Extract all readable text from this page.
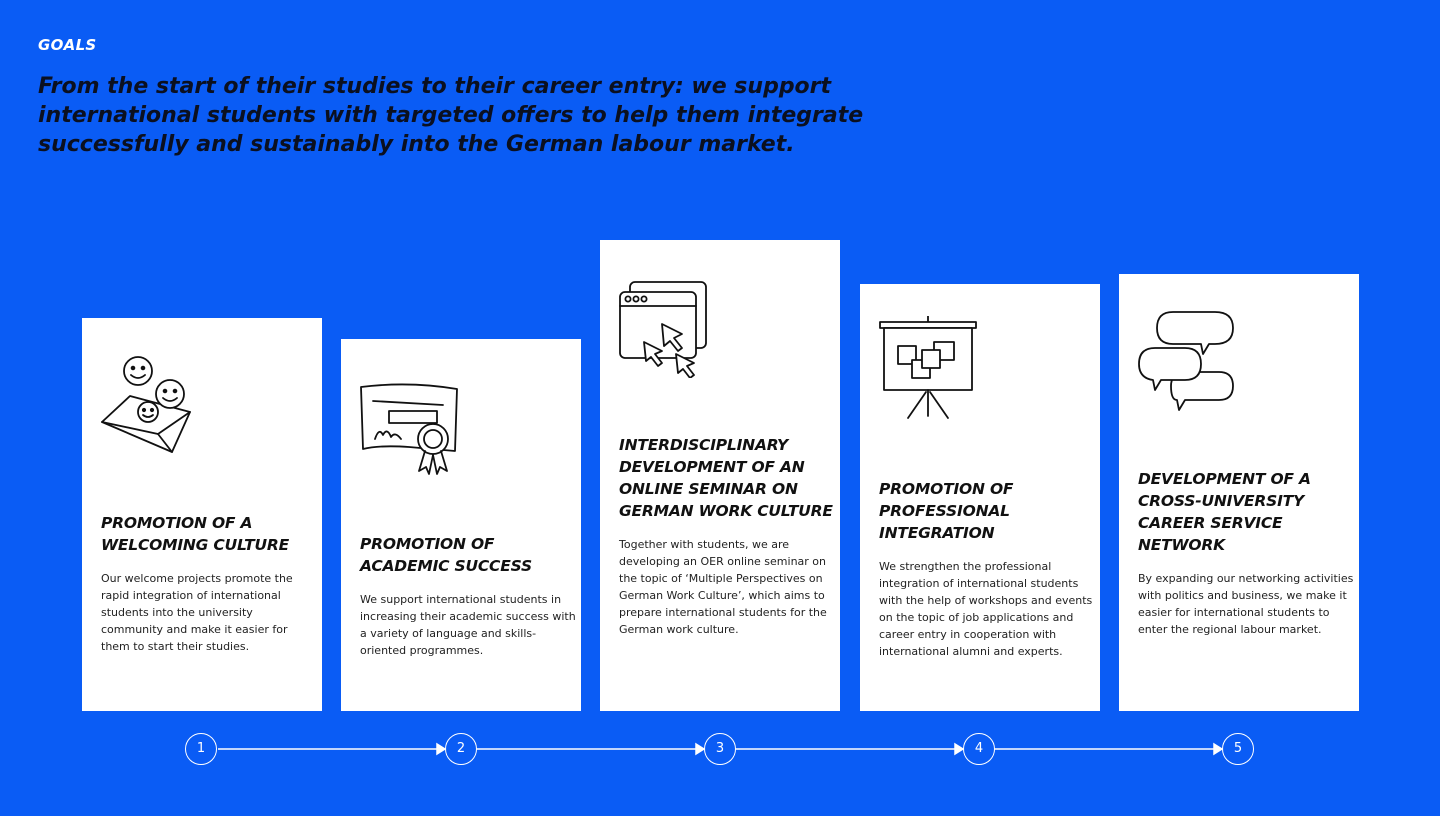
GOALS
From the start of their studies to their career entry: we support international students with targeted offers to help them integrate successfully and sustainably into the German labour market.
PROMOTION OF A WELCOMING CULTURE

Our welcome projects promote the rapid integration of international students into the university community and make it easier for them to start their studies.

PROMOTION OF ACADEMIC SUCCESS

We support international students in increasing their academic success with a variety of language and skills-oriented programmes.

INTERDISCIPLINARY DEVELOPMENT OF AN ONLINE SEMINAR ON GERMAN WORK CULTURE

Together with students, we are developing an OER online seminar on the topic of ‘Multiple Perspectives on German Work Culture’, which aims to prepare international students for the German work culture.

PROMOTION OF PROFESSIONAL INTEGRATION

We strengthen the professional integration of international students with the help of workshops and events on the topic of job applications and career entry in cooperation with international alumni and experts.

DEVELOPMENT OF A CROSS-UNIVERSITY CAREER SERVICE NETWORK

By expanding our networking activities with politics and business, we make it easier for international students to enter the regional labour market.

1	2	3	4	5
